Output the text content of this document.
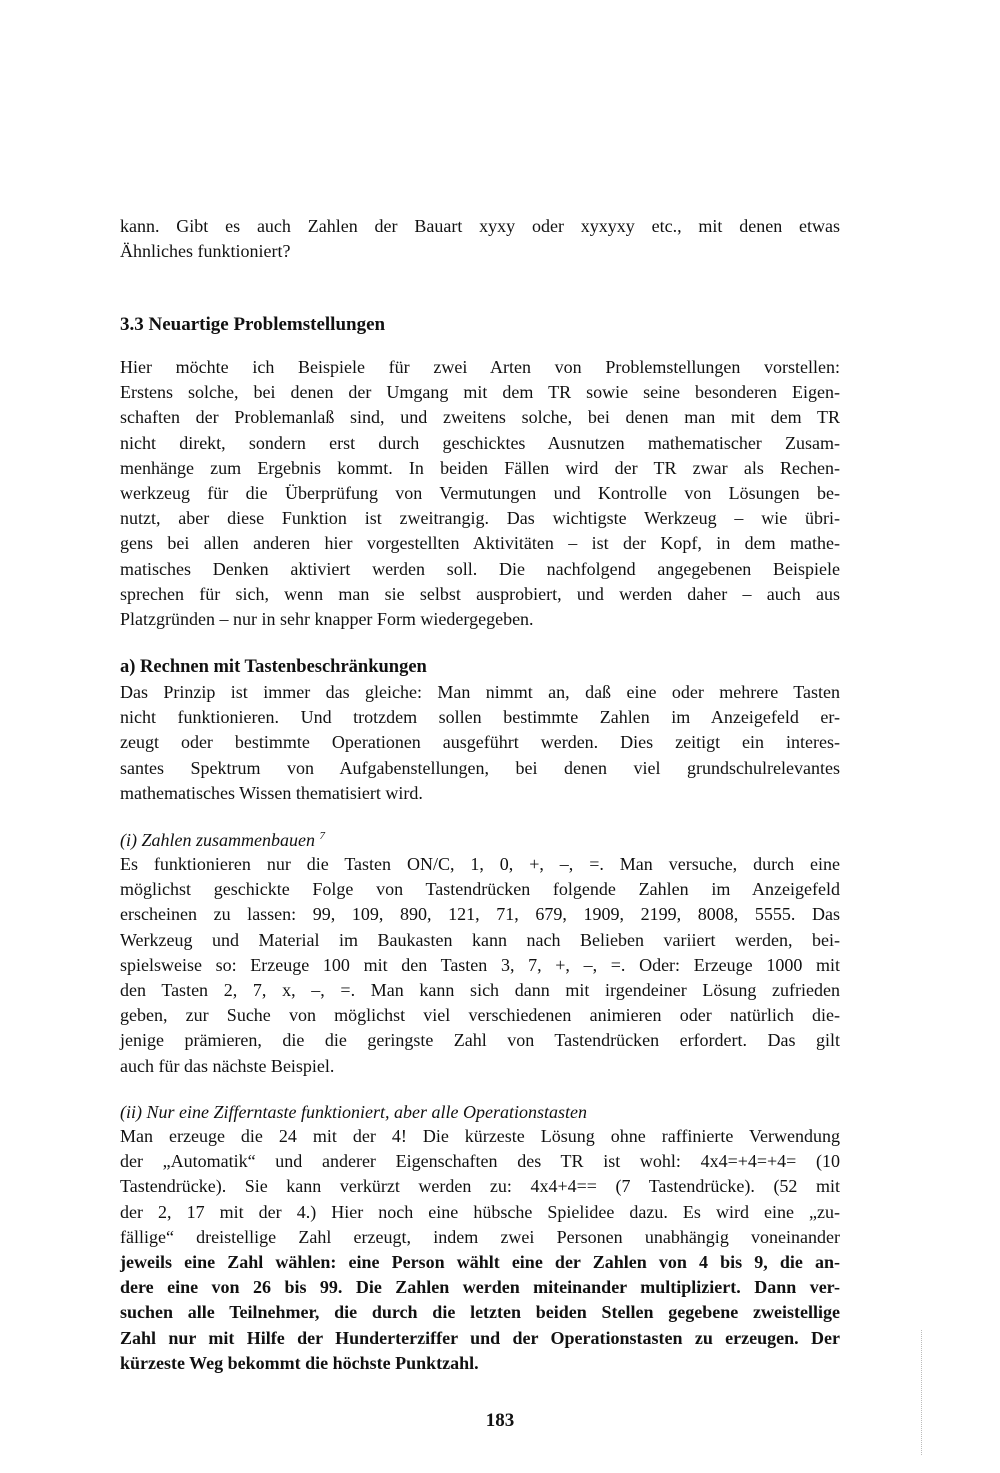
kann. Gibt es auch Zahlen der Bauart xyxy oder xyxyxy etc., mit denen etwas
Ähnliches funktioniert?
3.3 Neuartige Problemstellungen
Hier möchte ich Beispiele für zwei Arten von Problemstellungen vorstellen:
Erstens solche, bei denen der Umgang mit dem TR sowie seine besonderen Eigen-
schaften der Problemanlaß sind, und zweitens solche, bei denen man mit dem TR
nicht direkt, sondern erst durch geschicktes Ausnutzen mathematischer Zusam-
menhänge zum Ergebnis kommt. In beiden Fällen wird der TR zwar als Rechen-
werkzeug für die Überprüfung von Vermutungen und Kontrolle von Lösungen be-
nutzt, aber diese Funktion ist zweitrangig. Das wichtigste Werkzeug – wie übri-
gens bei allen anderen hier vorgestellten Aktivitäten – ist der Kopf, in dem mathe-
matisches Denken aktiviert werden soll. Die nachfolgend angegebenen Beispiele
sprechen für sich, wenn man sie selbst ausprobiert, und werden daher – auch aus
Platzgründen – nur in sehr knapper Form wiedergegeben.
a) Rechnen mit Tastenbeschränkungen
Das Prinzip ist immer das gleiche: Man nimmt an, daß eine oder mehrere Tasten
nicht funktionieren. Und trotzdem sollen bestimmte Zahlen im Anzeigefeld er-
zeugt oder bestimmte Operationen ausgeführt werden. Dies zeitigt ein interes-
santes Spektrum von Aufgabenstellungen, bei denen viel grundschulrelevantes
mathematisches Wissen thematisiert wird.
(i) Zahlen zusammenbauen $^7$
Es funktionieren nur die Tasten ON/C, 1, 0, +, –, =. Man versuche, durch eine
möglichst geschickte Folge von Tastendrücken folgende Zahlen im Anzeigefeld
erscheinen zu lassen: 99, 109, 890, 121, 71, 679, 1909, 2199, 8008, 5555. Das
Werkzeug und Material im Baukasten kann nach Belieben variiert werden, bei-
spielsweise so: Erzeuge 100 mit den Tasten 3, 7, +, –, =. Oder: Erzeuge 1000 mit
den Tasten 2, 7, x, –, =. Man kann sich dann mit irgendeiner Lösung zufrieden
geben, zur Suche von möglichst viel verschiedenen animieren oder natürlich die-
jenige prämieren, die die geringste Zahl von Tastendrücken erfordert. Das gilt
auch für das nächste Beispiel.
(ii) Nur eine Zifferntaste funktioniert, aber alle Operationstasten
Man erzeuge die 24 mit der 4! Die kürzeste Lösung ohne raffinierte Verwendung
der „Automatik“ und anderer Eigenschaften des TR ist wohl: 4x4=+4=+4= (10
Tastendrücke). Sie kann verkürzt werden zu: 4x4+4== (7 Tastendrücke). (52 mit
der 2, 17 mit der 4.) Hier noch eine hübsche Spielidee dazu. Es wird eine „zu-
fällige“ dreistellige Zahl erzeugt, indem zwei Personen unabhängig voneinander
jeweils eine Zahl wählen: eine Person wählt eine der Zahlen von 4 bis 9, die an-
dere eine von 26 bis 99. Die Zahlen werden miteinander multipliziert. Dann ver-
suchen alle Teilnehmer, die durch die letzten beiden Stellen gegebene zweistellige
Zahl nur mit Hilfe der Hunderterziffer und der Operationstasten zu erzeugen. Der
kürzeste Weg bekommt die höchste Punktzahl.
183
